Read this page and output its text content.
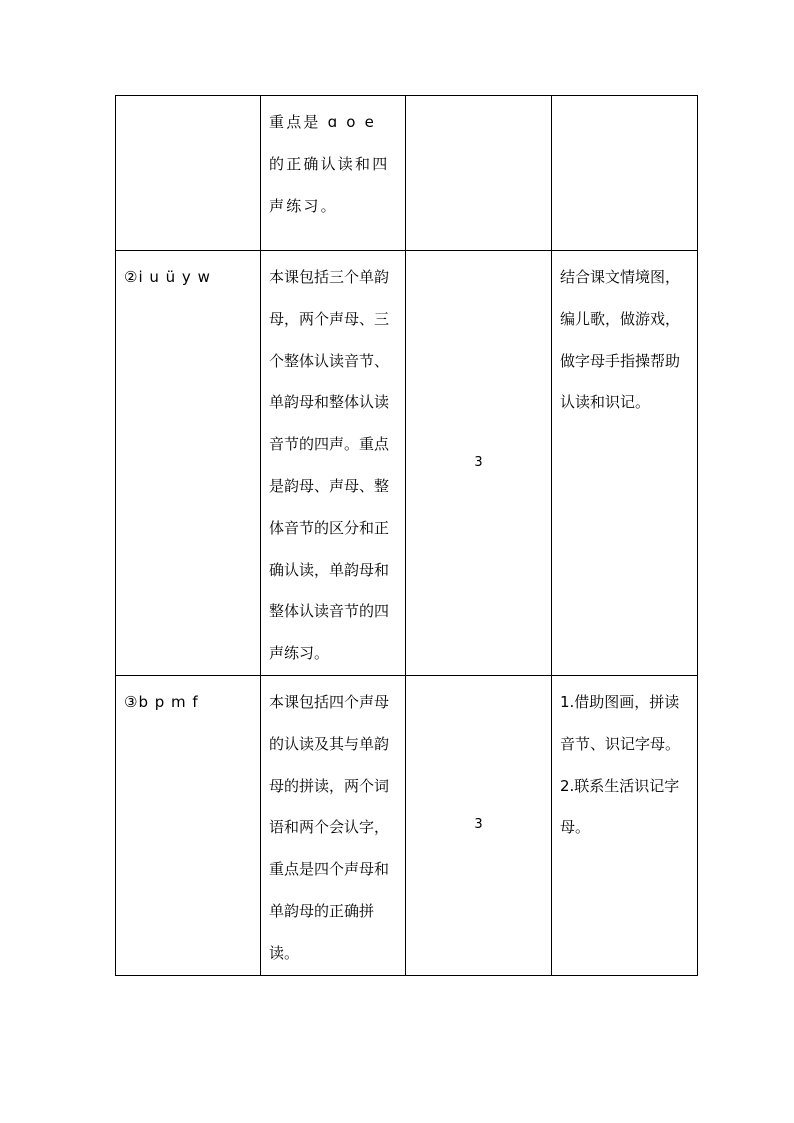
	重点是 ɑ o e 的正确认读和四声练习。		
②i u ü y w	本课包括三个单韵母，两个声母、三个整体认读音节、单韵母和整体认读音节的四声。重点是韵母、声母、整体音节的区分和正确认读，单韵母和整体认读音节的四声练习。	3	结合课文情境图，编儿歌，做游戏，做字母手指操帮助认读和识记。
③b p m f	本课包括四个声母的认读及其与单韵母的拼读，两个词语和两个会认字，重点是四个声母和单韵母的正确拼读。	3	1.借助图画，拼读音节、识记字母。
2.联系生活识记字母。
